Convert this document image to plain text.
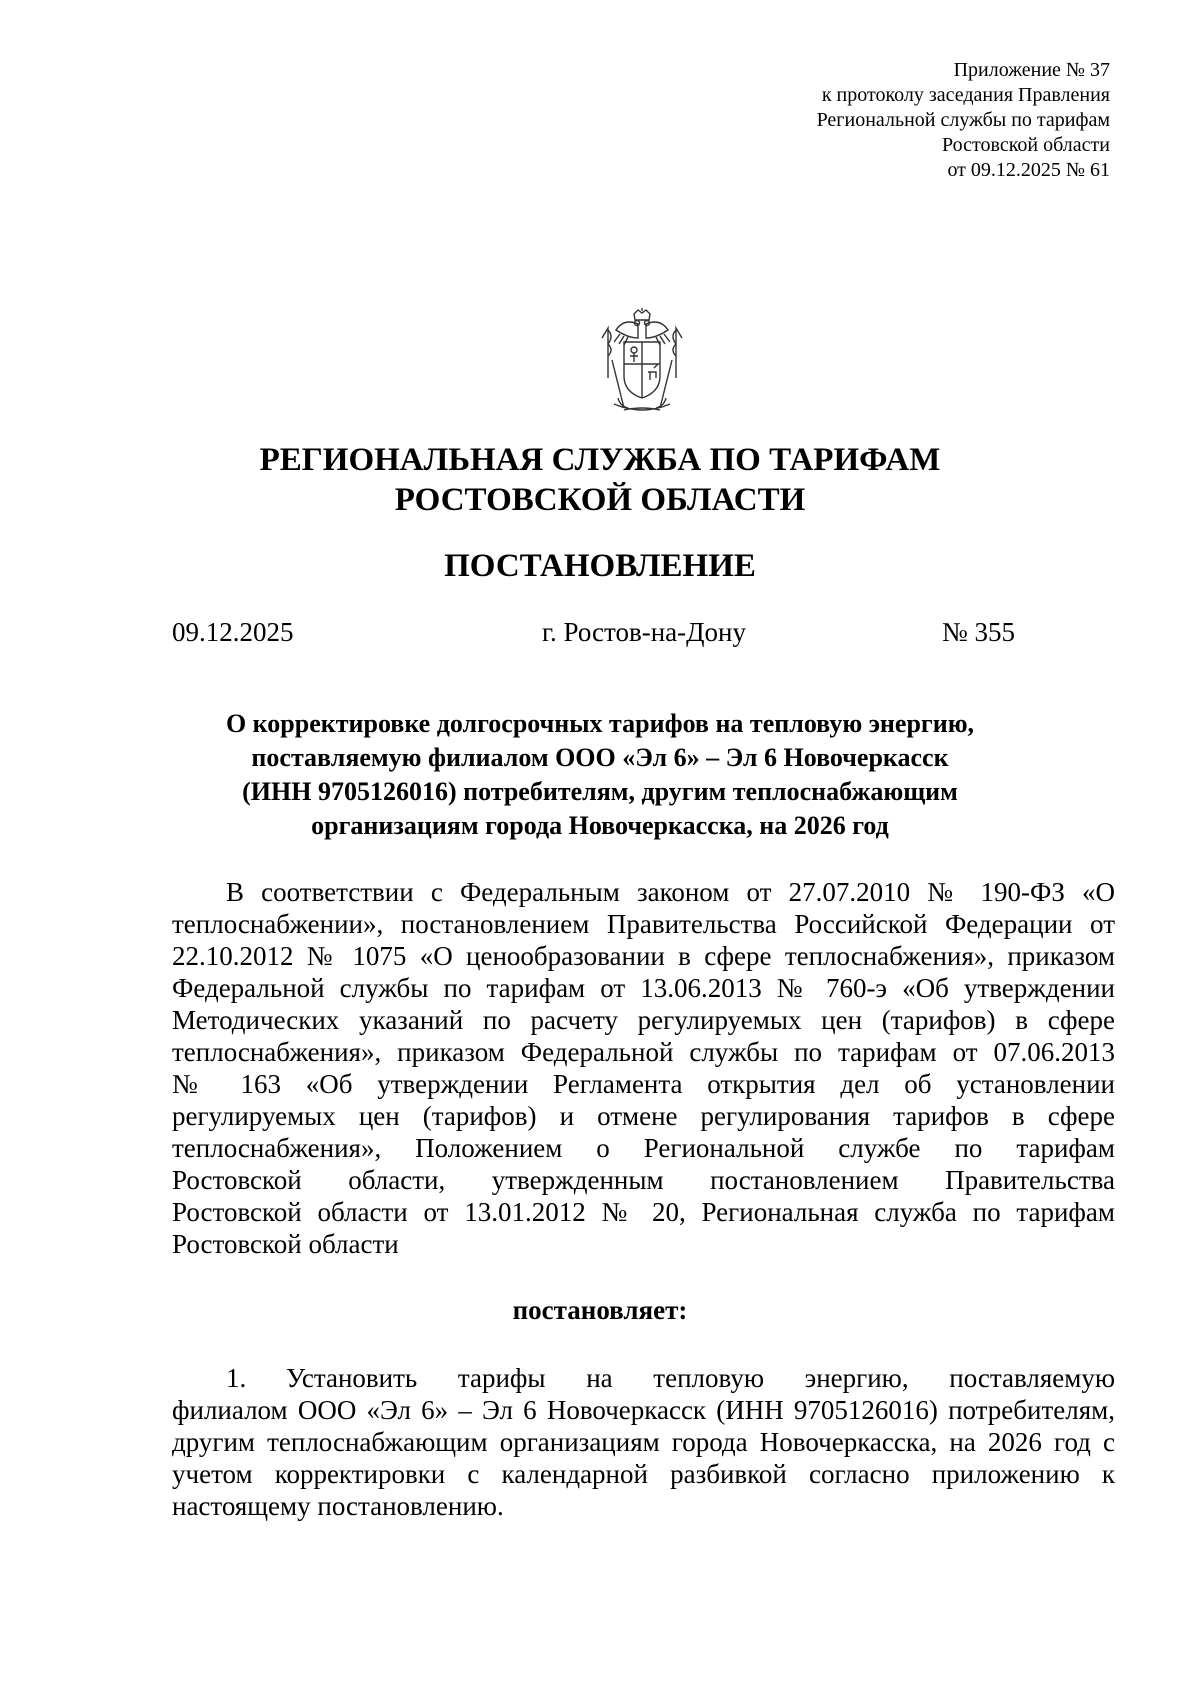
Приложение № 37
к протоколу заседания Правления
Региональной службы по тарифам
Ростовской области
от 09.12.2025 № 61
РЕГИОНАЛЬНАЯ СЛУЖБА ПО ТАРИФАМ
РОСТОВСКОЙ ОБЛАСТИ
ПОСТАНОВЛЕНИЕ
09.12.2025	г. Ростов-на-Дону	№ 355
О корректировке долгосрочных тарифов на тепловую энергию,
поставляемую филиалом ООО «Эл 6» – Эл 6 Новочеркасск
(ИНН 9705126016) потребителям, другим теплоснабжающим
организациям города Новочеркасска, на 2026 год
В соответствии с Федеральным законом от 27.07.2010 № 190-ФЗ «О
теплоснабжении», постановлением Правительства Российской Федерации от
22.10.2012 № 1075 «О ценообразовании в сфере теплоснабжения», приказом
Федеральной службы по тарифам от 13.06.2013 № 760-э «Об утверждении
Методических указаний по расчету регулируемых цен (тарифов) в сфере
теплоснабжения», приказом Федеральной службы по тарифам от 07.06.2013
№ 163 «Об утверждении Регламента открытия дел об установлении
регулируемых цен (тарифов) и отмене регулирования тарифов в сфере
теплоснабжения», Положением о Региональной службе по тарифам
Ростовской области, утвержденным постановлением Правительства
Ростовской области от 13.01.2012 № 20, Региональная служба по тарифам
Ростовской области
постановляет:
1. Установить тарифы на тепловую энергию, поставляемую
филиалом ООО «Эл 6» – Эл 6 Новочеркасск (ИНН 9705126016) потребителям,
другим теплоснабжающим организациям города Новочеркасска, на 2026 год с
учетом корректировки с календарной разбивкой согласно приложению к
настоящему постановлению.
